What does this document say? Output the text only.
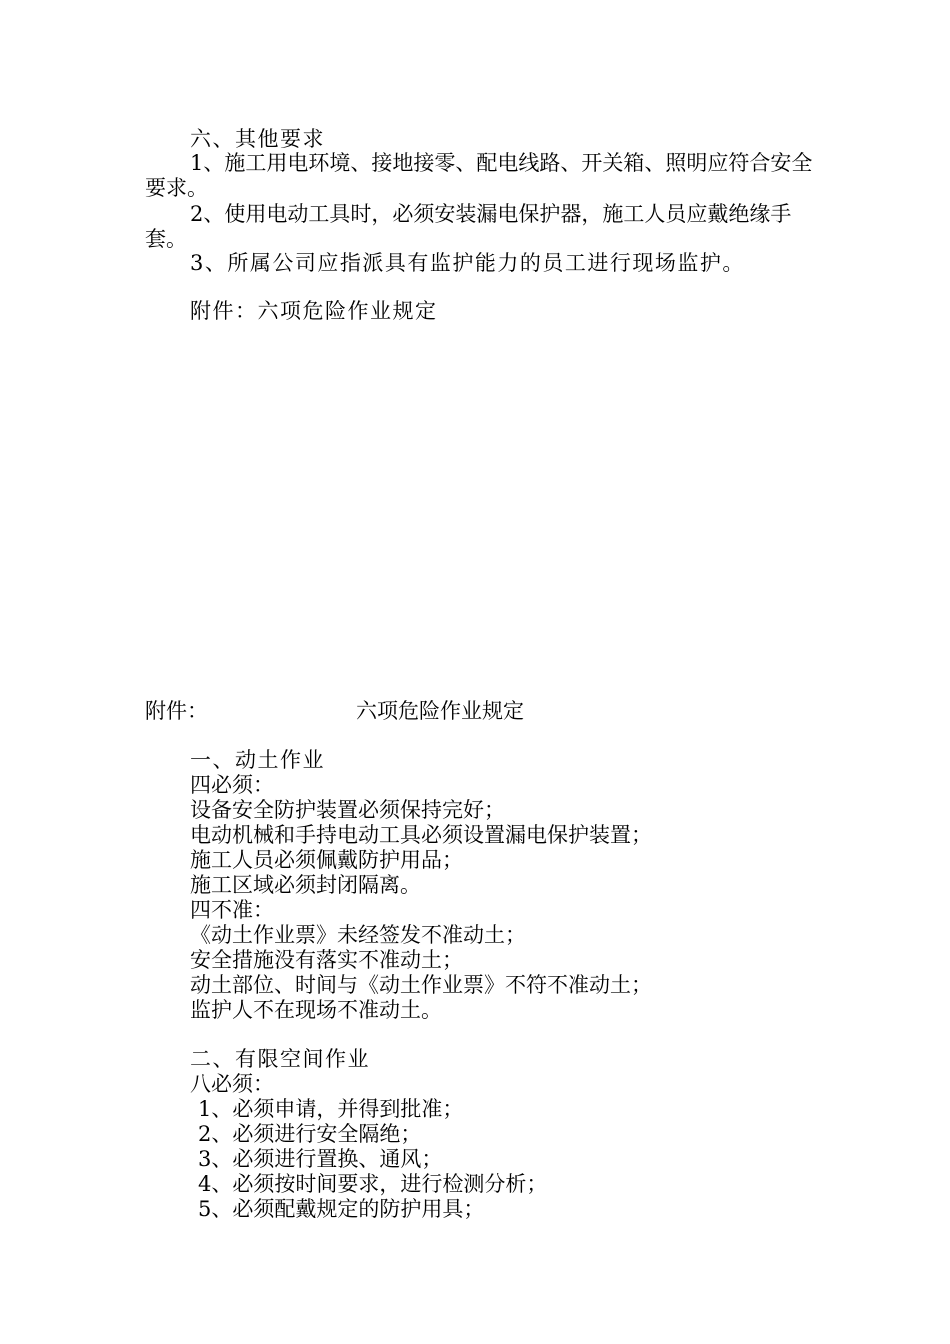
六、其他要求
1、施工用电环境、接地接零、配电线路、开关箱、照明应符合安全
要求。
2、使用电动工具时，必须安装漏电保护器，施工人员应戴绝缘手
套。
3、所属公司应指派具有监护能力的员工进行现场监护。
附件：六项危险作业规定
附件：	六项危险作业规定
一、动土作业
四必须：
设备安全防护装置必须保持完好；
电动机械和手持电动工具必须设置漏电保护装置；
施工人员必须佩戴防护用品；
施工区域必须封闭隔离。
四不准：
《动土作业票》未经签发不准动土；
安全措施没有落实不准动土；
动土部位、时间与《动土作业票》不符不准动土；
监护人不在现场不准动土。
二、有限空间作业
八必须：
1、必须申请，并得到批准；
2、必须进行安全隔绝；
3、必须进行置换、通风；
4、必须按时间要求，进行检测分析；
5、必须配戴规定的防护用具；
